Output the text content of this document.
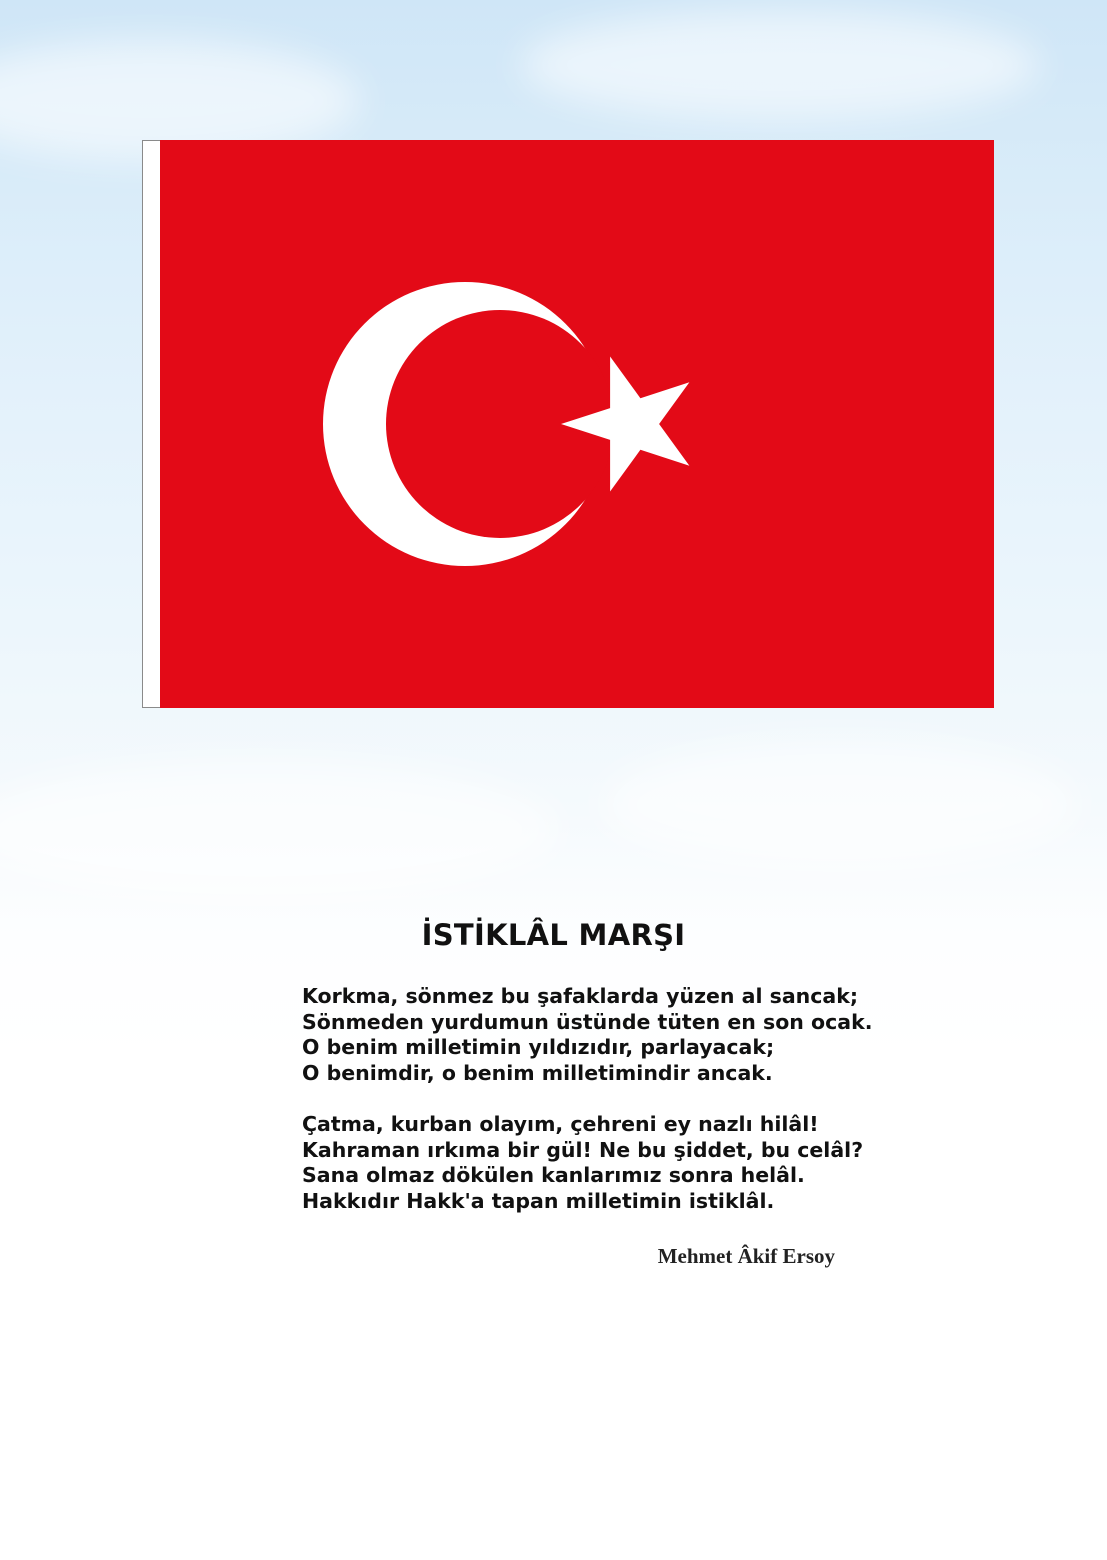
İSTİKLÂL MARŞI
Korkma, sönmez bu şafaklarda yüzen al sancak;
Sönmeden yurdumun üstünde tüten en son ocak.
O benim milletimin yıldızıdır, parlayacak;
O benimdir, o benim milletimindir ancak.
Çatma, kurban olayım, çehreni ey nazlı hilâl!
Kahraman ırkıma bir gül! Ne bu şiddet, bu celâl?
Sana olmaz dökülen kanlarımız sonra helâl.
Hakkıdır Hakk'a tapan milletimin istiklâl.
Mehmet Âkif Ersoy
